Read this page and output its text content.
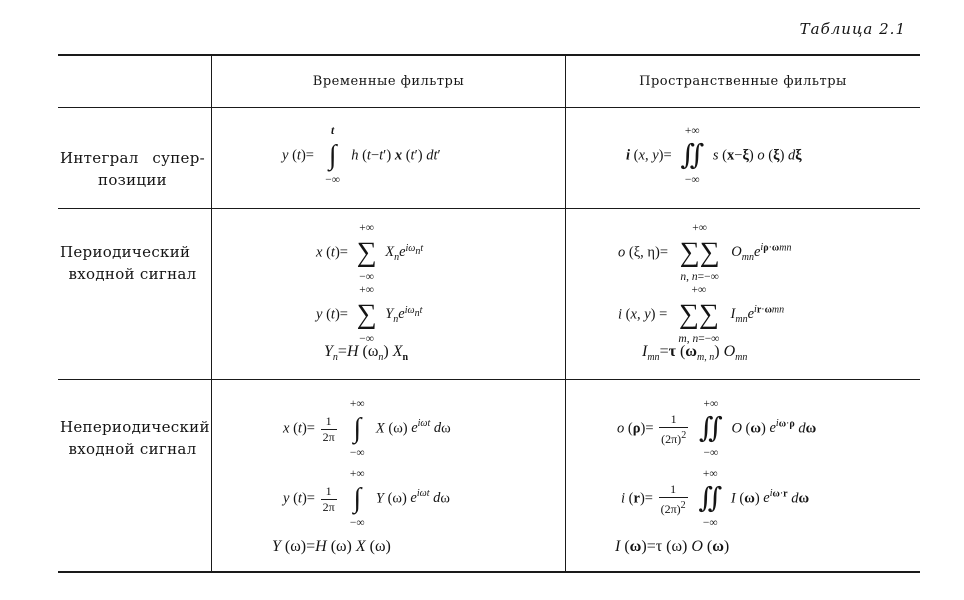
Таблица 2.1
Временные фильтры	Пространственные фильтры
Интеграл супер-
позиции
Периодический
входной сигнал
Непериодический
входной сигнал
y (t)=
t
∫
−∞
h (t−t′) x (t′) dt′	i (x, y)=
+∞
∬
−∞
s (x−ξ) o (ξ) dξ
x (t)=
+∞
∑
−∞
$X_ne^{i\omega_nt}$
y (t)=
+∞
∑
−∞
$Y_ne^{i\omega_nt}$
$Y_n=H$ $(\omega_n)$ $X_n$
o (ξ, η)=
+∞
∑∑
n, n=−∞
$O_{mn}e^{i\rho\cdot\omega mn}$
i (x, y) =
+∞
∑∑
m, n=−∞
$I_{mn}e^{ir\cdot\omega mn}$
$I_{mn}=\tau$ $(\omega_{m, n})$ $O_{mn}$
x $(t)= \frac{1}{2\pi}$

+∞
∫
−∞
X (ω) $e^{i\omega t}$ dω
y $(t)= \frac{1}{2\pi}$

+∞
∫
−∞
Y (ω) $e^{i\omega t}$ dω
Y (ω)=H (ω) X (ω)
o $(\rho)= \frac{1}{(2\pi)^2}$

+∞
∬
−∞
O (ω) $e^{i\omega\cdot\rho}$ dω
i $(r)= \frac{1}{(2\pi)^2}$

+∞
∬
−∞
I (ω) $e^{i\omega\cdot r}$ dω
I (ω)=τ (ω) O (ω)
